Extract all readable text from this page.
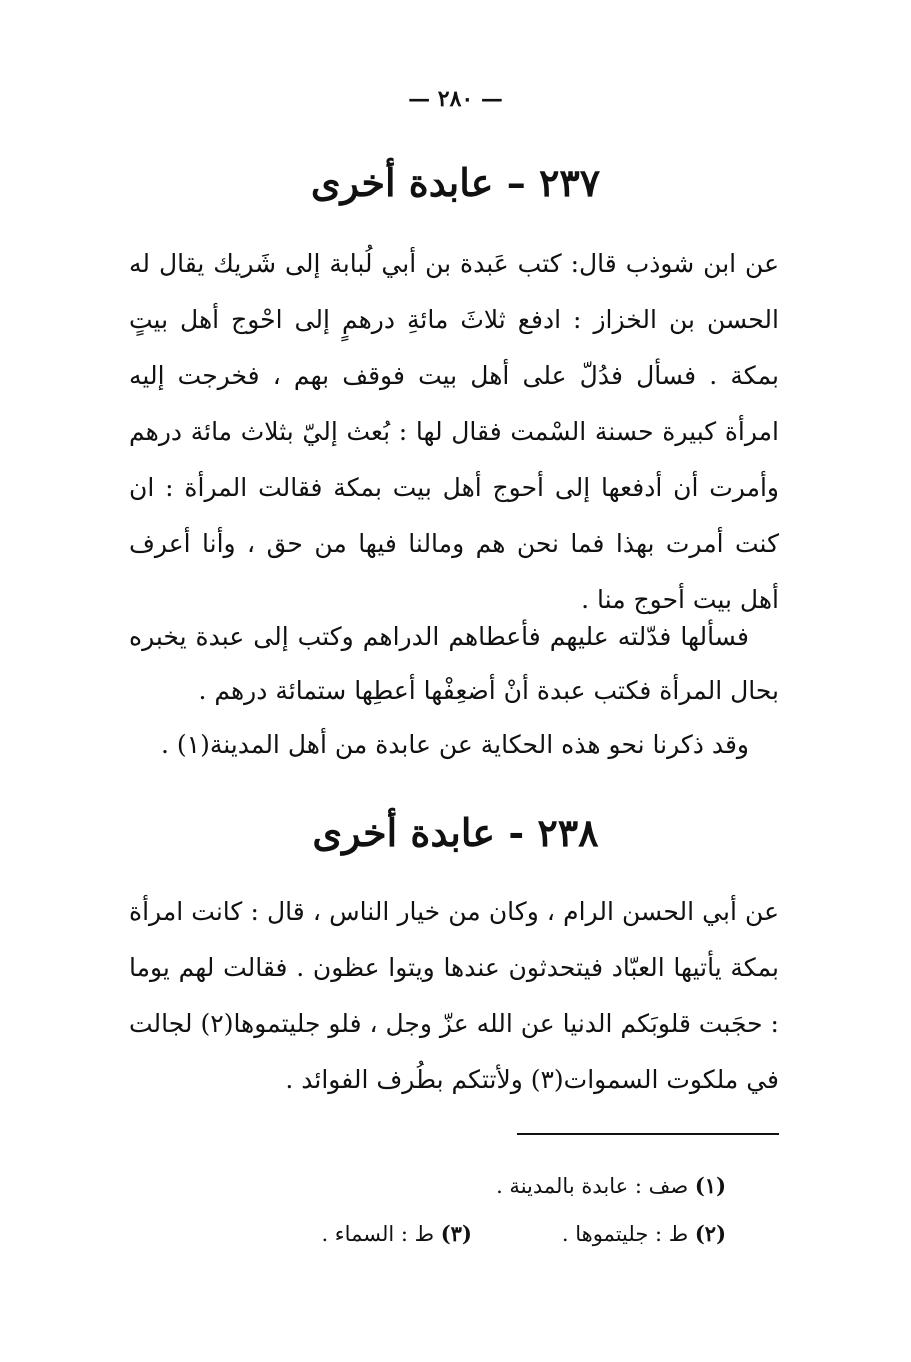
— ٢٨٠ —
٢٣٧ – عابدة أخرى

عن ابن شوذب قال: كتب عَبدة بن أبي لُبابة إلى شَريك يقال له الحسن بن الخزاز : ادفع ثلاثَ مائةِ درهمٍ إلى احْوج أهل بيتٍ بمكة . فسأل فدُلّ على أهل بيت فوقف بهم ، فخرجت إليه امرأة كبيرة حسنة السْمت فقال لها : بُعث إليّ بثلاث مائة درهم وأمرت أن أدفعها إلى أحوج أهل بيت بمكة فقالت المرأة : ان كنت أمرت بهذا فما نحن هم ومالنا فيها من حق ، وأنا أعرف أهل بيت أحوج منا .

فسألها فدّلته عليهم فأعطاهم الدراهم وكتب إلى عبدة يخبره بحال المرأة فكتب عبدة أنْ أضعِفْها أعطِها ستمائة درهم .

وقد ذكرنا نحو هذه الحكاية عن عابدة من أهل المدينة(١) .

٢٣٨ - عابدة أخرى

عن أبي الحسن الرام ، وكان من خيار الناس ، قال : كانت امرأة بمكة يأتيها العبّاد فيتحدثون عندها ويتوا عظون . فقالت لهم يوما : حجَبت قلوبَكم الدنيا عن الله عزّ وجل ، فلو جليتموها(٢) لجالت في ملكوت السموات(٣) ولأتتكم بطُرف الفوائد .

(١) صف : عابدة بالمدينة .
(٢) ط : جليتموها .
(٣) ط : السماء .
